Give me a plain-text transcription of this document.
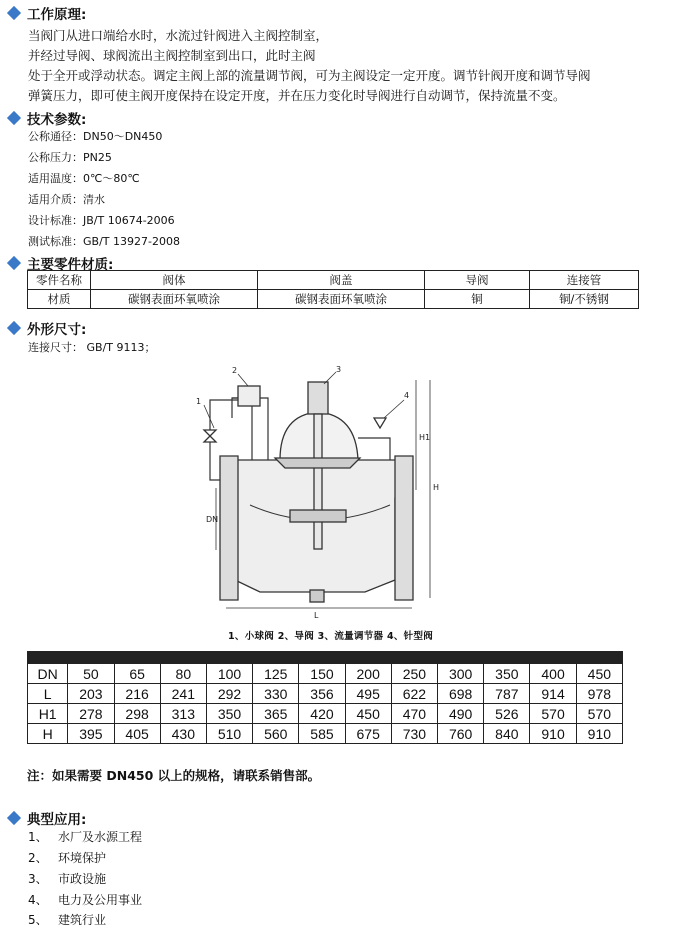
工作原理:
当阀门从进口端给水时，水流过针阀进入主阀控制室，
并经过导阀、球阀流出主阀控制室到出口，此时主阀
处于全开或浮动状态。调定主阀上部的流量调节阀，可为主阀设定一定开度。调节针阀开度和调节导阀
弹簧压力，即可使主阀开度保持在设定开度，并在压力变化时导阀进行自动调节，保持流量不变。
技术参数:
公称通径：DN50～DN450
公称压力：PN25
适用温度：0℃～80℃
适用介质：清水
设计标准：JB/T 10674-2006
测试标准：GB/T 13927-2008
主要零件材质:
零件名称	阀体	阀盖	导阀	连接管
材质	碳钢表面环氧喷涂	碳钢表面环氧喷涂	铜	铜/不锈钢
外形尺寸:
连接尺寸： GB/T 9113；
1
2	3
4
DN
L
H1
H
1、小球阀 2、导阀 3、流量调节器 4、针型阀

DN	50	65	80	100	125	150	200	250	300	350	400	450
L	203	216	241	292	330	356	495	622	698	787	914	978
H1	278	298	313	350	365	420	450	470	490	526	570	570
H	395	405	430	510	560	585	675	730	760	840	910	910
注：如果需要 DN450 以上的规格，请联系销售部。
典型应用:
1、 水厂及水源工程
2、 环境保护
3、 市政设施
4、 电力及公用事业
5、 建筑行业
